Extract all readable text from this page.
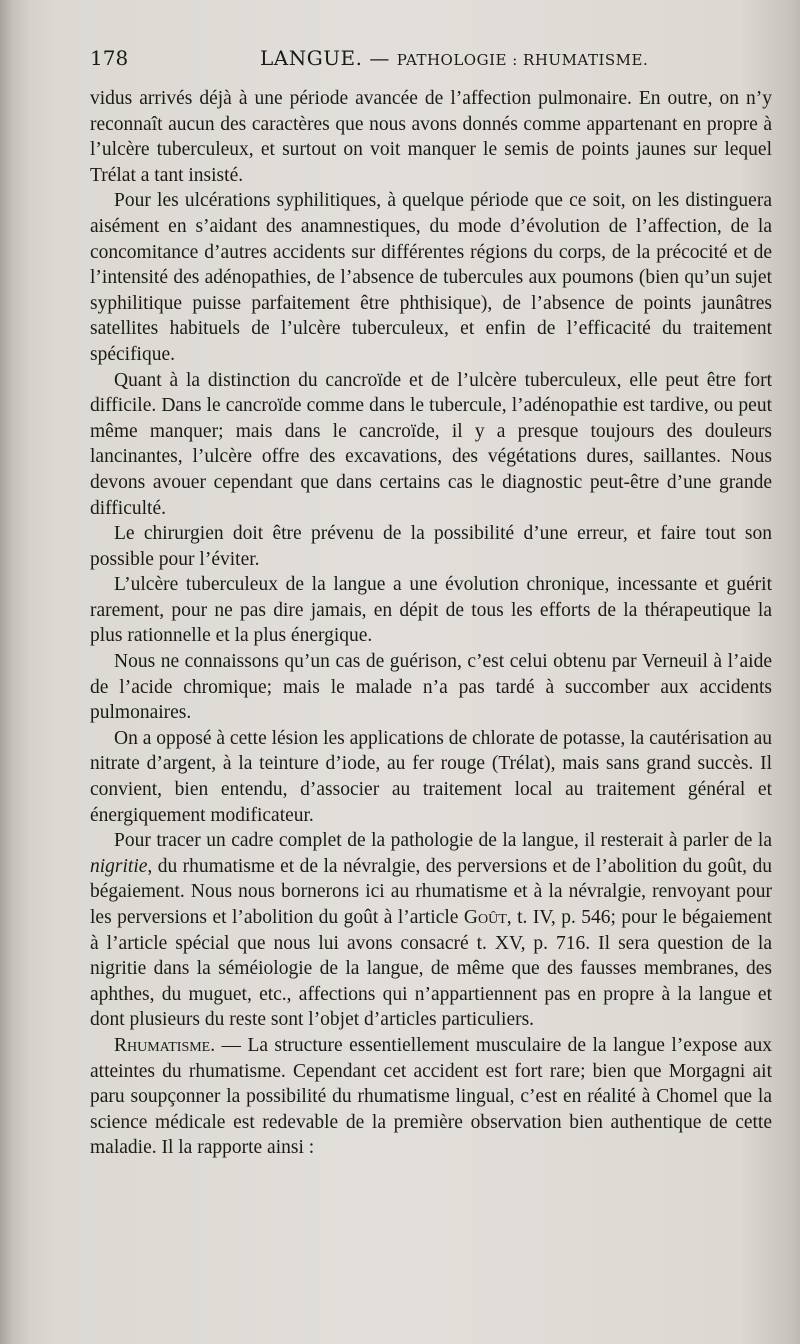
178	LANGUE. — PATHOLOGIE : RHUMATISME.

vidus arrivés déjà à une période avancée de l’affection pulmonaire. En outre, on n’y reconnaît aucun des caractères que nous avons donnés comme appartenant en propre à l’ulcère tuberculeux, et surtout on voit manquer le semis de points jaunes sur lequel Trélat a tant insisté.

Pour les ulcérations syphilitiques, à quelque période que ce soit, on les distinguera aisément en s’aidant des anamnestiques, du mode d’évolution de l’affection, de la concomitance d’autres accidents sur différentes régions du corps, de la précocité et de l’intensité des adénopathies, de l’absence de tubercules aux poumons (bien qu’un sujet syphilitique puisse parfaitement être phthisique), de l’absence de points jaunâtres satellites habituels de l’ulcère tuberculeux, et enfin de l’efficacité du traitement spécifique.

Quant à la distinction du cancroïde et de l’ulcère tuberculeux, elle peut être fort difficile. Dans le cancroïde comme dans le tubercule, l’adénopathie est tardive, ou peut même manquer; mais dans le cancroïde, il y a presque toujours des douleurs lancinantes, l’ulcère offre des excavations, des végétations dures, saillantes. Nous devons avouer cependant que dans certains cas le diagnostic peut-être d’une grande difficulté.

Le chirurgien doit être prévenu de la possibilité d’une erreur, et faire tout son possible pour l’éviter.

L’ulcère tuberculeux de la langue a une évolution chronique, incessante et guérit rarement, pour ne pas dire jamais, en dépit de tous les efforts de la thérapeutique la plus rationnelle et la plus énergique.

Nous ne connaissons qu’un cas de guérison, c’est celui obtenu par Verneuil à l’aide de l’acide chromique; mais le malade n’a pas tardé à succomber aux accidents pulmonaires.

On a opposé à cette lésion les applications de chlorate de potasse, la cautérisation au nitrate d’argent, à la teinture d’iode, au fer rouge (Trélat), mais sans grand succès. Il convient, bien entendu, d’associer au traitement local au traitement général et énergiquement modificateur.

Pour tracer un cadre complet de la pathologie de la langue, il resterait à parler de la nigritie, du rhumatisme et de la névralgie, des perversions et de l’abolition du goût, du bégaiement. Nous nous bornerons ici au rhumatisme et à la névralgie, renvoyant pour les perversions et l’abolition du goût à l’article Goût, t. IV, p. 546; pour le bégaiement à l’article spécial que nous lui avons consacré t. XV, p. 716. Il sera question de la nigritie dans la séméiologie de la langue, de même que des fausses membranes, des aphthes, du muguet, etc., affections qui n’appartiennent pas en propre à la langue et dont plusieurs du reste sont l’objet d’articles particuliers.

Rhumatisme. — La structure essentiellement musculaire de la langue l’expose aux atteintes du rhumatisme. Cependant cet accident est fort rare; bien que Morgagni ait paru soupçonner la possibilité du rhumatisme lingual, c’est en réalité à Chomel que la science médicale est redevable de la première observation bien authentique de cette maladie. Il la rapporte ainsi :
